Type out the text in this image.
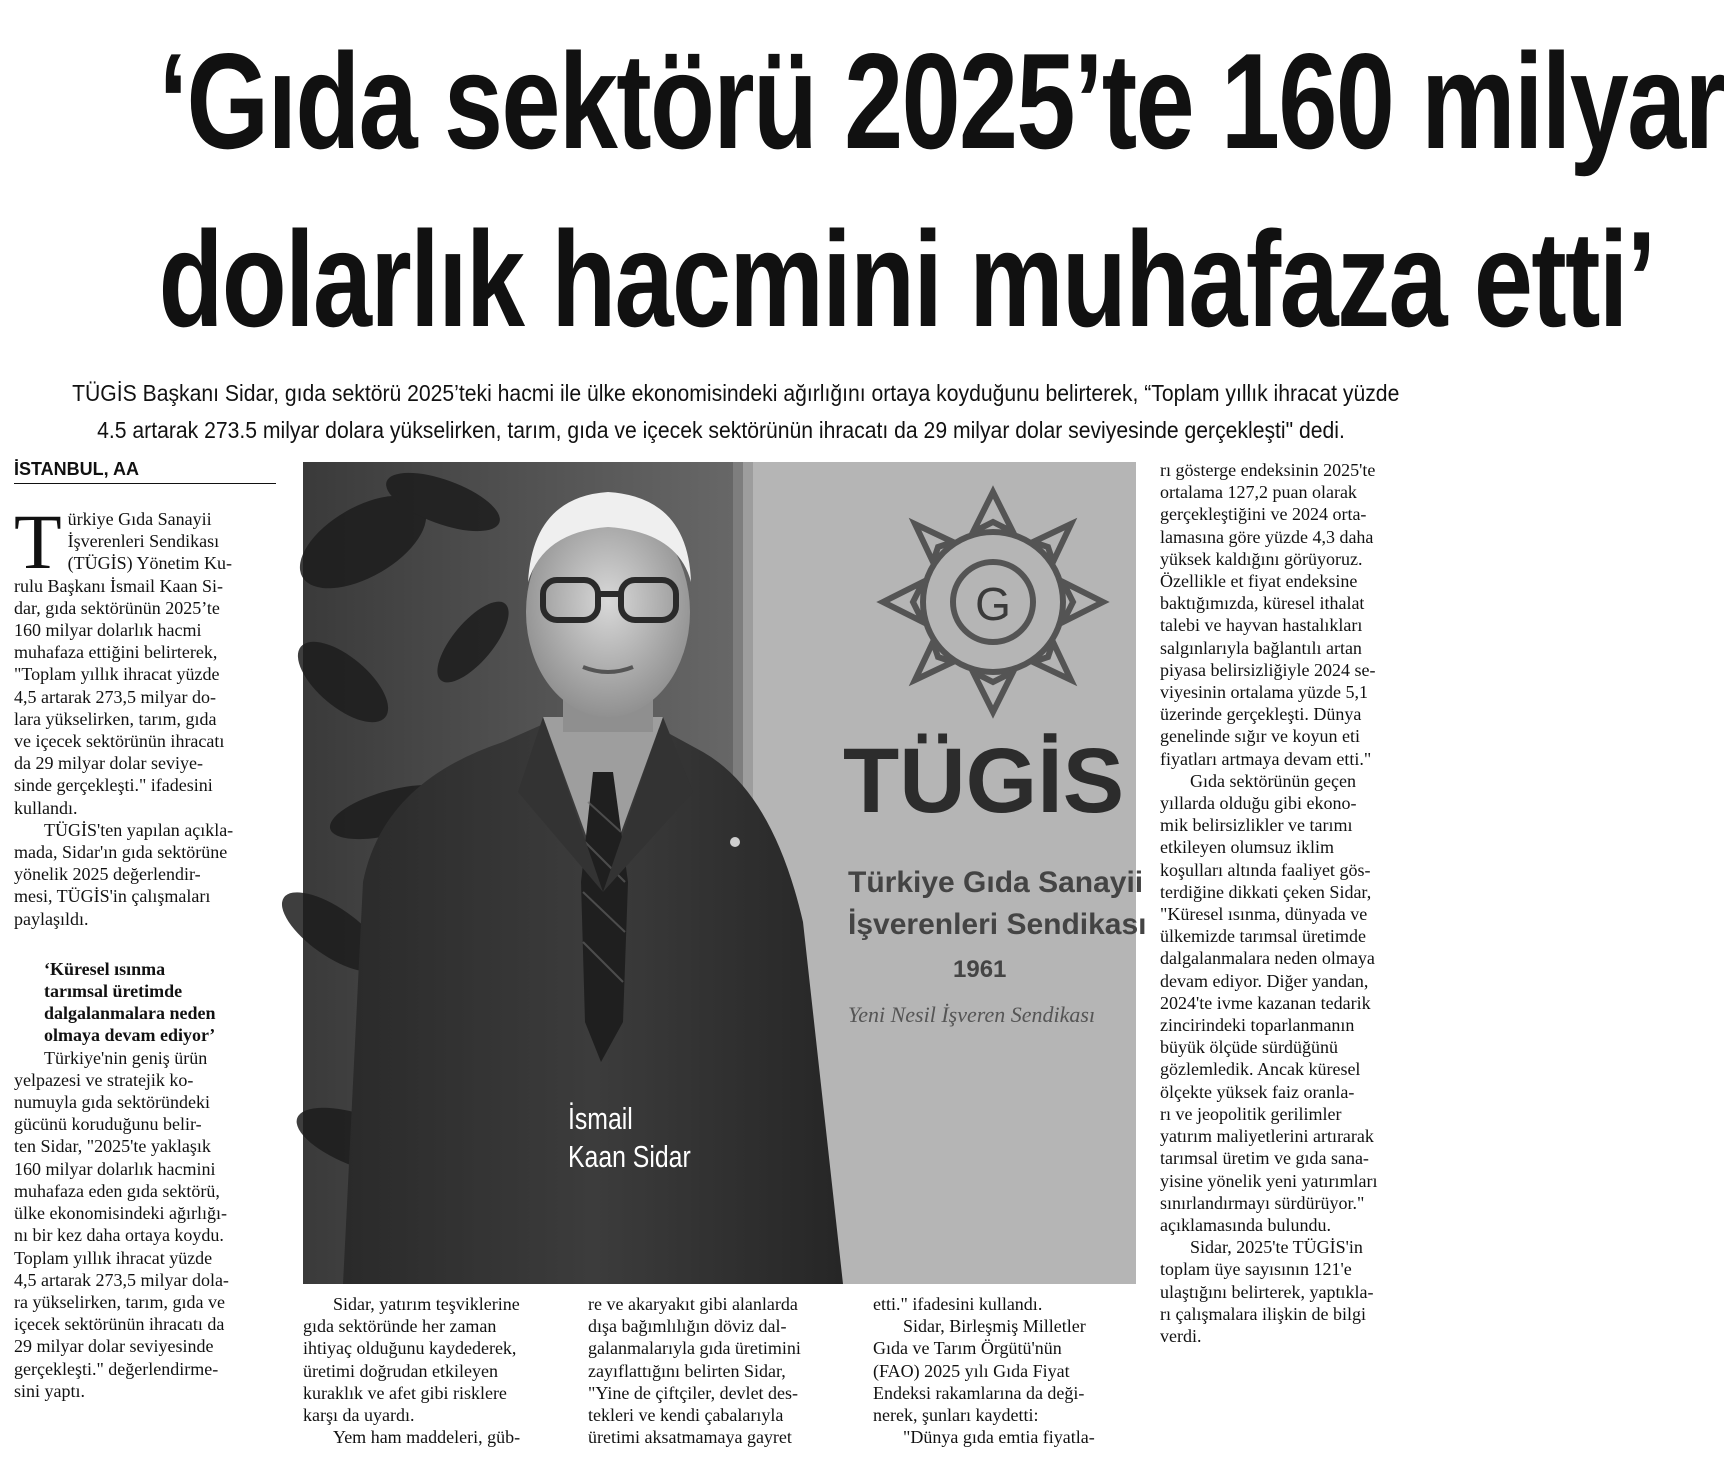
‘Gıda sektörü 2025’te 160 milyar
dolarlık hacmini muhafaza etti’
TÜGİS Başkanı Sidar, gıda sektörü 2025’teki hacmi ile ülke ekonomisindeki ağırlığını ortaya koyduğunu belirterek, “Toplam yıllık ihracat yüzde
4.5 artarak 273.5 milyar dolara yükselirken, tarım, gıda ve içecek sektörünün ihracatı da 29 milyar dolar seviyesinde gerçekleşti" dedi.
İSTANBUL, AA
T ürkiye Gıda Sanayii

İşverenleri Sendikası

(TÜGİS) Yönetim Ku-

rulu Başkanı İsmail Kaan Si-

dar, gıda sektörünün 2025’te

160 milyar dolarlık hacmi

muhafaza ettiğini belirterek,

"Toplam yıllık ihracat yüzde

4,5 artarak 273,5 milyar do-

lara yükselirken, tarım, gıda

ve içecek sektörünün ihracatı

da 29 milyar dolar seviye-

sinde gerçekleşti." ifadesini

kullandı.

TÜGİS'ten yapılan açıkla-

mada, Sidar'ın gıda sektörüne

yönelik 2025 değerlendir-

mesi, TÜGİS'in çalışmaları

paylaşıldı.

‘Küresel ısınma

tarımsal üretimde

dalgalanmalara neden

olmaya devam ediyor’

Türkiye'nin geniş ürün

yelpazesi ve stratejik ko-

numuyla gıda sektöründeki

gücünü koruduğunu belir-

ten Sidar, "2025'te yaklaşık

160 milyar dolarlık hacmini

muhafaza eden gıda sektörü,

ülke ekonomisindeki ağırlığı-

nı bir kez daha ortaya koydu.

Toplam yıllık ihracat yüzde

4,5 artarak 273,5 milyar dola-

ra yükselirken, tarım, gıda ve

içecek sektörünün ihracatı da

29 milyar dolar seviyesinde

gerçekleşti." değerlendirme-

sini yaptı.

G
TÜGİS
Türkiye Gıda Sanayii
İşverenleri Sendikası
1961
Yeni Nesil İşveren Sendikası
İsmail
Kaan Sidar

Sidar, yatırım teşviklerine

gıda sektöründe her zaman

ihtiyaç olduğunu kaydederek,

üretimi doğrudan etkileyen

kuraklık ve afet gibi risklere

karşı da uyardı.

Yem ham maddeleri, güb-

re ve akaryakıt gibi alanlarda

dışa bağımlılığın döviz dal-

galanmalarıyla gıda üretimini

zayıflattığını belirten Sidar,

"Yine de çiftçiler, devlet des-

tekleri ve kendi çabalarıyla

üretimi aksatmamaya gayret

etti." ifadesini kullandı.

Sidar, Birleşmiş Milletler

Gıda ve Tarım Örgütü'nün

(FAO) 2025 yılı Gıda Fiyat

Endeksi rakamlarına da deği-

nerek, şunları kaydetti:

"Dünya gıda emtia fiyatla-

rı gösterge endeksinin 2025'te

ortalama 127,2 puan olarak

gerçekleştiğini ve 2024 orta-

lamasına göre yüzde 4,3 daha

yüksek kaldığını görüyoruz.

Özellikle et fiyat endeksine

baktığımızda, küresel ithalat

talebi ve hayvan hastalıkları

salgınlarıyla bağlantılı artan

piyasa belirsizliğiyle 2024 se-

viyesinin ortalama yüzde 5,1

üzerinde gerçekleşti. Dünya

genelinde sığır ve koyun eti

fiyatları artmaya devam etti."

Gıda sektörünün geçen

yıllarda olduğu gibi ekono-

mik belirsizlikler ve tarımı

etkileyen olumsuz iklim

koşulları altında faaliyet gös-

terdiğine dikkati çeken Sidar,

"Küresel ısınma, dünyada ve

ülkemizde tarımsal üretimde

dalgalanmalara neden olmaya

devam ediyor. Diğer yandan,

2024'te ivme kazanan tedarik

zincirindeki toparlanmanın

büyük ölçüde sürdüğünü

gözlemledik. Ancak küresel

ölçekte yüksek faiz oranla-

rı ve jeopolitik gerilimler

yatırım maliyetlerini artırarak

tarımsal üretim ve gıda sana-

yisine yönelik yeni yatırımları

sınırlandırmayı sürdürüyor."

açıklamasında bulundu.

Sidar, 2025'te TÜGİS'in

toplam üye sayısının 121'e

ulaştığını belirterek, yaptıkla-

rı çalışmalara ilişkin de bilgi

verdi.
